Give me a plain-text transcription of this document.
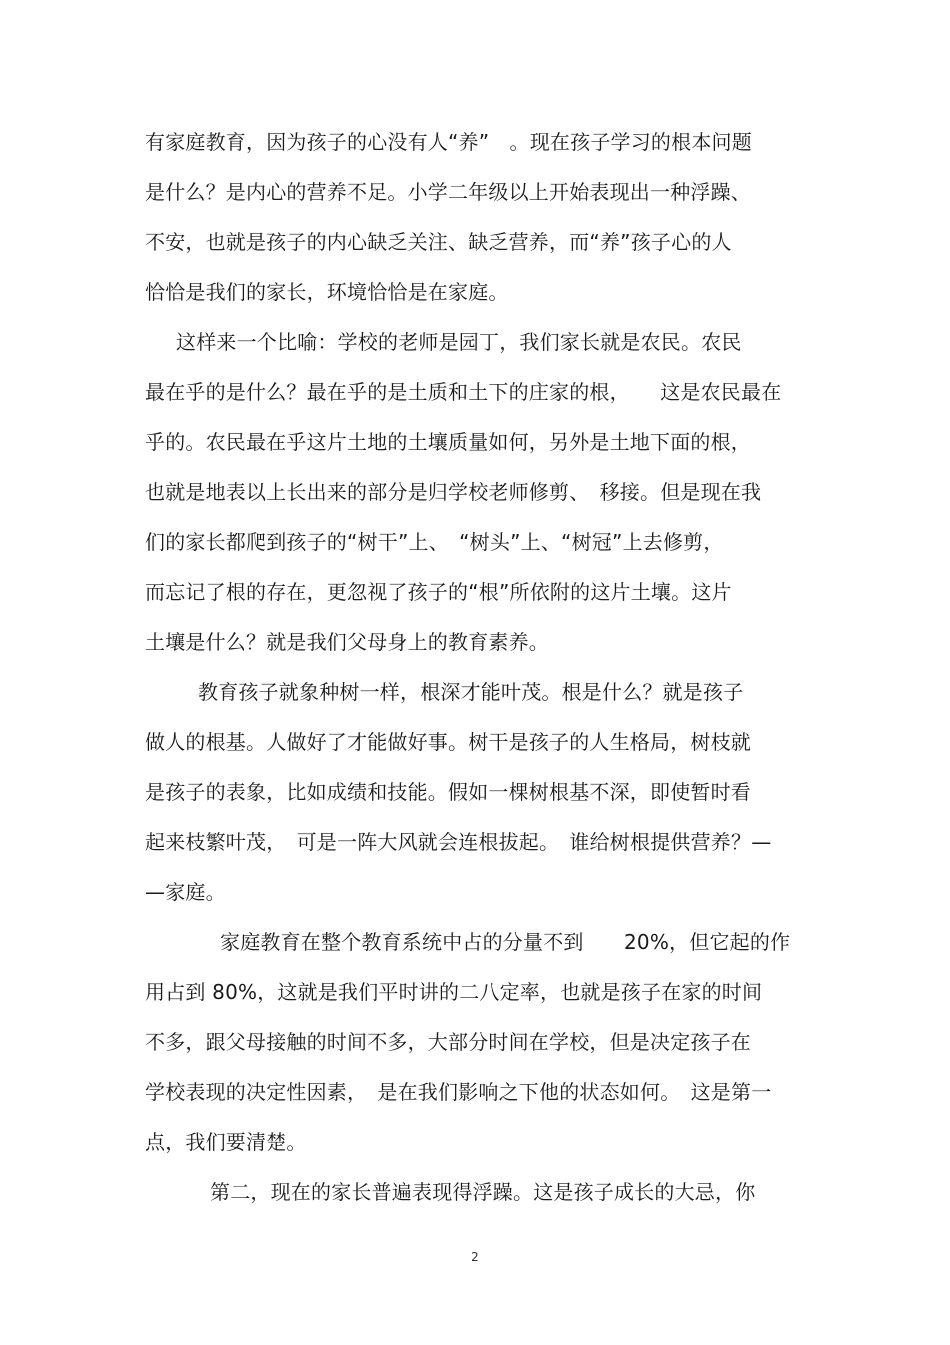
有家庭教育，因为孩子的心没有人“养”　。现在孩子学习的根本问题
是什么？是内心的营养不足。小学二年级以上开始表现出一种浮躁、
不安，也就是孩子的内心缺乏关注、缺乏营养，而“养”孩子心的人
恰恰是我们的家长，环境恰恰是在家庭。
这样来一个比喻：学校的老师是园丁，我们家长就是农民。农民
最在乎的是什么？最在乎的是土质和土下的庄家的根，　　这是农民最在
乎的。农民最在乎这片土地的土壤质量如何，另外是土地下面的根，
也就是地表以上长出来的部分是归学校老师修剪、　移接。但是现在我
们的家长都爬到孩子的“树干”上、　“树头”上、“树冠”上去修剪，
而忘记了根的存在，更忽视了孩子的“根”所依附的这片土壤。这片
土壤是什么？就是我们父母身上的教育素养。
教育孩子就象种树一样，根深才能叶茂。根是什么？就是孩子
做人的根基。人做好了才能做好事。树干是孩子的人生格局，树枝就
是孩子的表象，比如成绩和技能。假如一棵树根基不深，即使暂时看
起来枝繁叶茂，　可是一阵大风就会连根拔起。　谁给树根提供营养？—
—家庭。
家庭教育在整个教育系统中占的分量不到　　20%，但它起的作
用占到 80%，这就是我们平时讲的二八定率，也就是孩子在家的时间
不多，跟父母接触的时间不多，大部分时间在学校，但是决定孩子在
学校表现的决定性因素，　是在我们影响之下他的状态如何。　这是第一
点，我们要清楚。
第二，现在的家长普遍表现得浮躁。这是孩子成长的大忌，你
2
